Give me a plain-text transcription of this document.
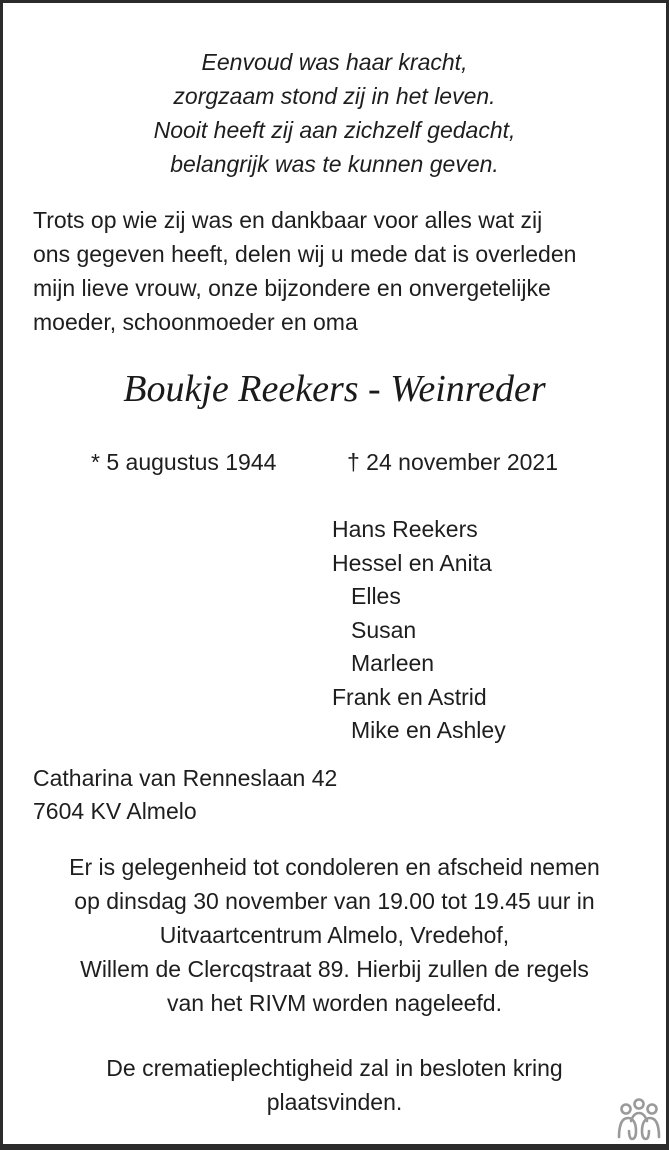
Eenvoud was haar kracht,
zorgzaam stond zij in het leven.
Nooit heeft zij aan zichzelf gedacht,
belangrijk was te kunnen geven.
Trots op wie zij was en dankbaar voor alles wat zij
ons gegeven heeft, delen wij u mede dat is overleden
mijn lieve vrouw, onze bijzondere en onvergetelijke
moeder, schoonmoeder en oma
Boukje Reekers - Weinreder
* 5 augustus 1944	† 24 november 2021
Hans Reekers
Hessel en Anita
Elles
Susan
Marleen
Frank en Astrid
Mike en Ashley
Catharina van Renneslaan 42
7604 KV Almelo
Er is gelegenheid tot condoleren en afscheid nemen
op dinsdag 30 november van 19.00 tot 19.45 uur in
Uitvaartcentrum Almelo, Vredehof,
Willem de Clercqstraat 89. Hierbij zullen de regels
van het RIVM worden nageleefd.
De crematieplechtigheid zal in besloten kring
plaatsvinden.
